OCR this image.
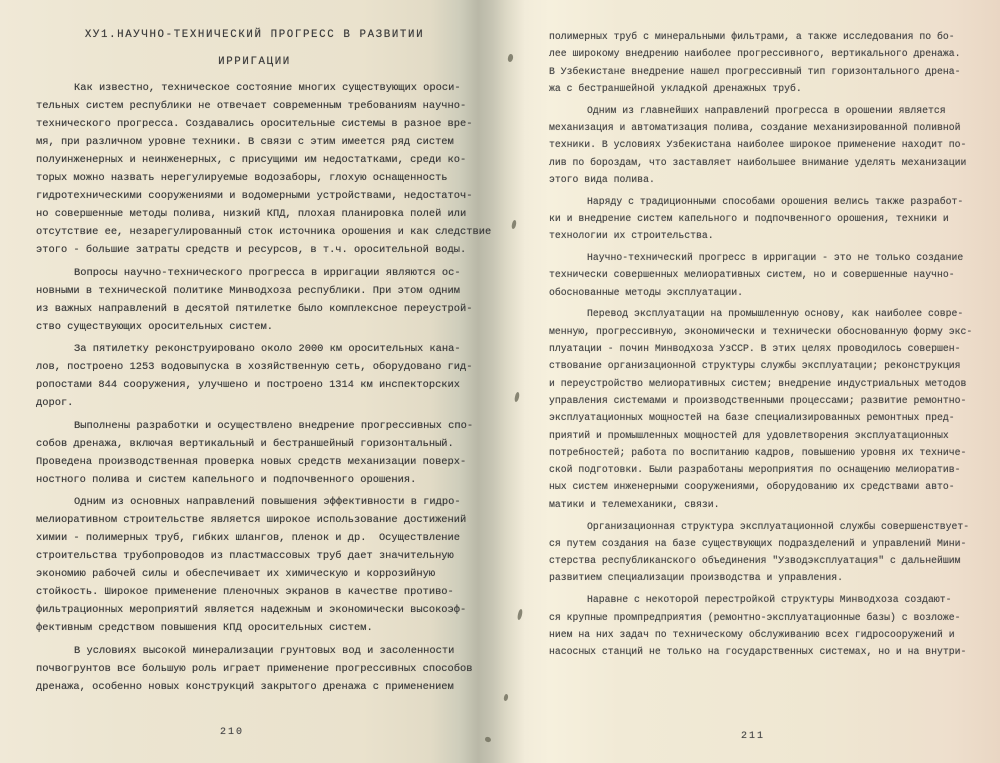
ХУ1.НАУЧНО-ТЕХНИЧЕСКИЙ ПРОГРЕСС В РАЗВИТИИ
ИРРИГАЦИИ
Как известно, техническое состояние многих существующих ороси-
тельных систем республики не отвечает современным требованиям научно-
технического прогресса. Создавались оросительные системы в разное вре-
мя, при различном уровне техники. В связи с этим имеется ряд систем
полуинженерных и неинженерных, с присущими им недостатками, среди ко-
торых можно назвать нерегулируемые водозаборы, глохую оснащенность
гидротехническими сооружениями и водомерными устройствами, недостаточ-
но совершенные методы полива, низкий КПД, плохая планировка полей или
отсутствие ее, незарегулированный сток источника орошения и как следствие
этого - большие затраты средств и ресурсов, в т.ч. оросительной воды.
Вопросы научно-технического прогресса в ирригации являются ос-
новными в технической политике Минводхоза республики. При этом одним
из важных направлений в десятой пятилетке было комплексное переустрой-
ство существующих оросительных систем.
За пятилетку реконструировано около 2000 км оросительных кана-
лов, построено 1253 водовыпуска в хозяйственную сеть, оборудовано гид-
ропостами 844 сооружения, улучшено и построено 1314 км инспекторских
дорог.
Выполнены разработки и осуществлено внедрение прогрессивных спо-
собов дренажа, включая вертикальный и бестраншейный горизонтальный.
Проведена производственная проверка новых средств механизации поверх-
ностного полива и систем капельного и подпочвенного орошения.
Одним из основных направлений повышения эффективности в гидро-
мелиоративном строительстве является широкое использование достижений
химии - полимерных труб, гибких шлангов, пленок и др.  Осуществление
строительства трубопроводов из пластмассовых труб дает значительную
экономию рабочей силы и обеспечивает их химическую и коррозийную
стойкость. Широкое применение пленочных экранов в качестве противо-
фильтрационных мероприятий является надежным и экономически высокоэф-
фективным средством повышения КПД оросительных систем.
В условиях высокой минерализации грунтовых вод и засоленности
почвогрунтов все большую роль играет применение прогрессивных способов
дренажа, особенно новых конструкций закрытого дренажа с применением
210
полимерных труб с минеральными фильтрами, а также исследования по бо-
лее широкому внедрению наиболее прогрессивного, вертикального дренажа.
В Узбекистане внедрение нашел прогрессивный тип горизонтального дрена-
жа с бестраншейной укладкой дренажных труб.
Одним из главнейших направлений прогресса в орошении является
механизация и автоматизация полива, создание механизированной поливной
техники. В условиях Узбекистана наиболее широкое применение находит по-
лив по бороздам, что заставляет наибольшее внимание уделять механизации
этого вида полива.
Наряду с традиционными способами орошения велись также разработ-
ки и внедрение систем капельного и подпочвенного орошения, техники и
технологии их строительства.
Научно-технический прогресс в ирригации - это не только создание
технически совершенных мелиоративных систем, но и совершенные научно-
обоснованные методы эксплуатации.
Перевод эксплуатации на промышленную основу, как наиболее совре-
менную, прогрессивную, экономически и технически обоснованную форму экс-
плуатации - почин Минводхоза УзССР. В этих целях проводилось совершен-
ствование организационной структуры службы эксплуатации; реконструкция
и переустройство мелиоративных систем; внедрение индустриальных методов
управления системами и производственными процессами; развитие ремонтно-
эксплуатационных мощностей на базе специализированных ремонтных пред-
приятий и промышленных мощностей для удовлетворения эксплуатационных
потребностей; работа по воспитанию кадров, повышению уровня их техниче-
ской подготовки. Были разработаны мероприятия по оснащению мелиоратив-
ных систем инженерными сооружениями, оборудованию их средствами авто-
матики и телемеханики, связи.
Организационная структура эксплуатационной службы совершенствует-
ся путем создания на базе существующих подразделений и управлений Мини-
стерства республиканского объединения "Узводэксплуатация" с дальнейшим
развитием специализации производства и управления.
Наравне с некоторой перестройкой структуры Минводхоза создают-
ся крупные промпредприятия (ремонтно-эксплуатационные базы) с возложе-
нием на них задач по техническому обслуживанию всех гидросооружений и
насосных станций не только на государственных системах, но и на внутри-
211
